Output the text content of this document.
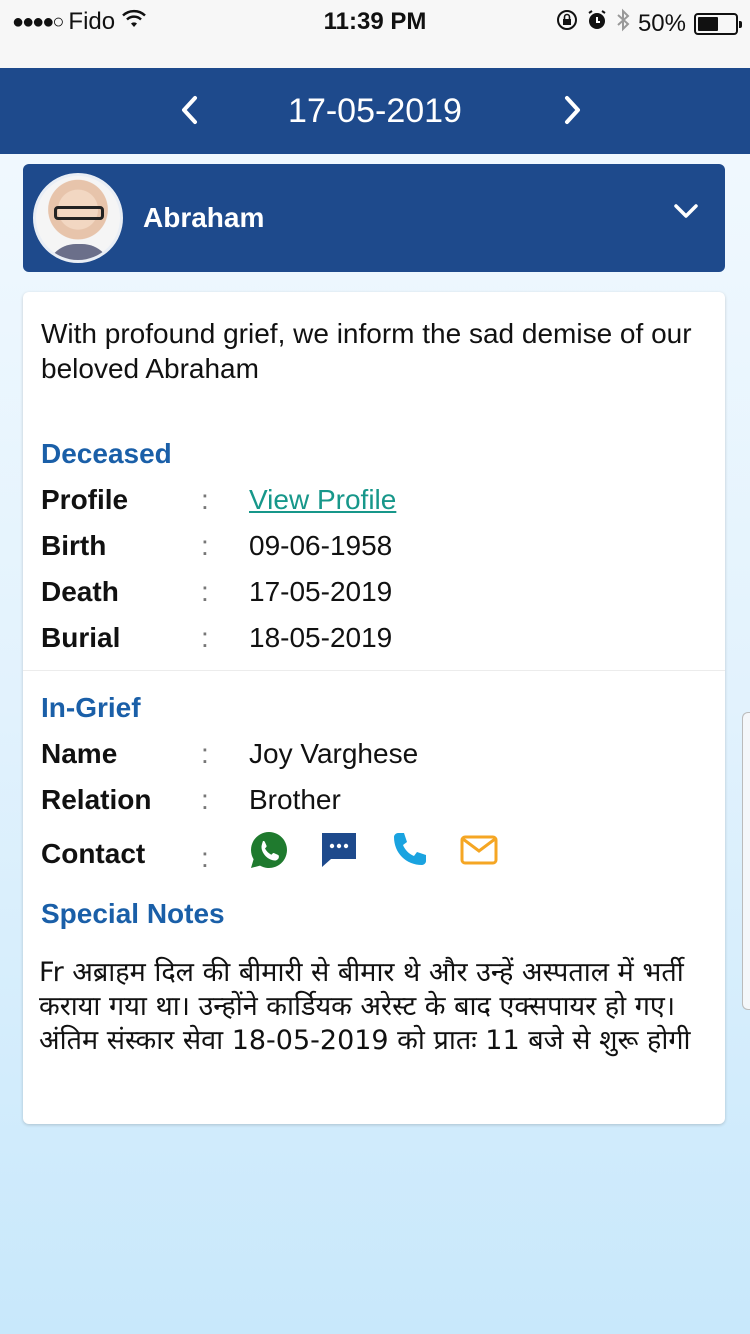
●●●●○ Fido	11:39 PM	50%
17-05-2019
Abraham
With profound grief, we inform the sad demise of our beloved Abraham
Deceased
Profile	: View Profile
Birth	: 09-06-1958
Death	: 17-05-2019
Burial	: 18-05-2019
In-Grief
Name	: Joy Varghese
Relation : Brother
Contact :
Special Notes
Fr अब्राहम दिल की बीमारी से बीमार थे और उन्हें अस्पताल में भर्ती कराया गया था। उन्होंने कार्डियक अरेस्ट के बाद एक्सपायर हो गए। अंतिम संस्कार सेवा 18-05-2019 को प्रातः 11 बजे से शुरू होगी
